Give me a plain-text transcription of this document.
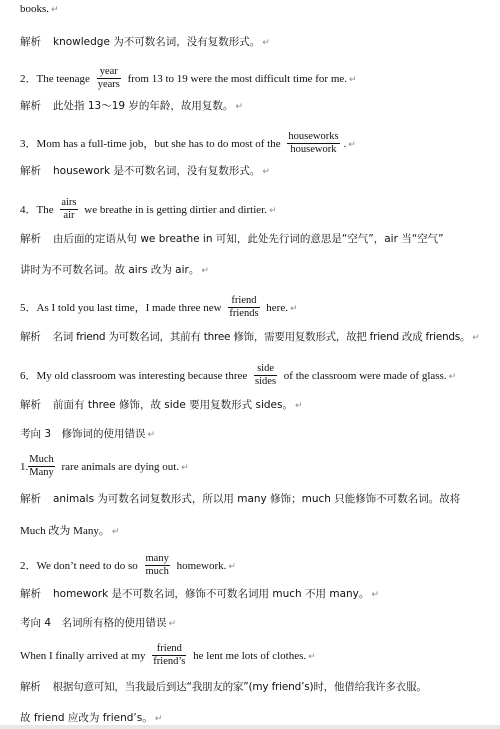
books. ↵
解析 knowledge 为不可数名词，没有复数形式。 ↵
2．The teenage $\frac{\text{year}}{\text{years}}$ from 13 to 19 were the most difficult time for me. ↵
解析 此处指 13～19 岁的年龄，故用复数。 ↵
3．Mom has a full-time job，but she has to do most of the $\frac{\text{houseworks}}{\text{housework}}$ . ↵
解析 housework 是不可数名词，没有复数形式。 ↵
4．The $\frac{\text{airs}}{\text{air}}$ we breathe in is getting dirtier and dirtier. ↵
解析 由后面的定语从句 we breathe in 可知，此处先行词的意思是“空气”，air 当“空气”
讲时为不可数名词。故 airs 改为 air。 ↵
5．As I told you last time，I made three new $\frac{\text{friend}}{\text{friends}}$ here. ↵
解析 名词 friend 为可数名词，其前有 three 修饰，需要用复数形式，故把 friend 改成 friends。 ↵
6．My old classroom was interesting because three $\frac{\text{side}}{\text{sides}}$ of the classroom were made of glass. ↵
解析 前面有 three 修饰，故 side 要用复数形式 sides。 ↵
考向 3　修饰词的使用错误 ↵
1. $\frac{\text{Much}}{\text{Many}}$ rare animals are dying out. ↵
解析 animals 为可数名词复数形式，所以用 many 修饰；much 只能修饰不可数名词。故将
Much 改为 Many。 ↵
2．We don’t need to do so $\frac{\text{many}}{\text{much}}$ homework. ↵
解析 homework 是不可数名词，修饰不可数名词用 much 不用 many。 ↵
考向 4　名词所有格的使用错误 ↵
When I finally arrived at my $\frac{\text{friend}}{\text{friend’s}}$ he lent me lots of clothes. ↵
解析 根据句意可知，当我最后到达“我朋友的家”(my friend’s)时，他借给我许多衣服。
故 friend 应改为 friend’s。 ↵
